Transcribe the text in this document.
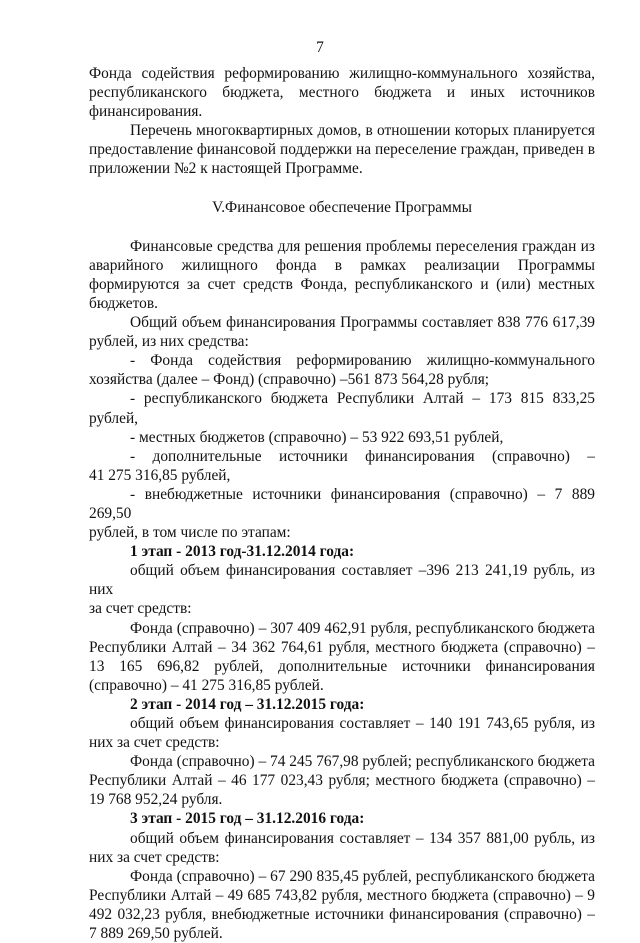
7

Фонда содействия реформированию жилищно-коммунального хозяйства,

республиканского бюджета, местного бюджета и иных источников

финансирования.

Перечень многоквартирных домов, в отношении которых планируется

предоставление финансовой поддержки на переселение граждан, приведен в

приложении №2 к настоящей Программе.

V.Финансовое обеспечение Программы

Финансовые средства для решения проблемы переселения граждан из

аварийного жилищного фонда в рамках реализации Программы

формируются за счет средств Фонда, республиканского и (или) местных

бюджетов.

Общий объем финансирования Программы составляет 838 776 617,39

рублей, из них средства:

- Фонда содействия реформированию жилищно-коммунального

хозяйства (далее – Фонд) (справочно) –561 873 564,28 рубля;

- республиканского бюджета Республики Алтай – 173 815 833,25

рублей,

- местных бюджетов (справочно) – 53 922 693,51 рублей,

- дополнительные источники финансирования (справочно) –

41 275 316,85 рублей,

- внебюджетные источники финансирования (справочно) – 7 889 269,50

рублей, в том числе по этапам:

1 этап - 2013 год-31.12.2014 года:

общий объем финансирования составляет –396 213 241,19 рубль, из них

за счет средств:

Фонда (справочно) – 307 409 462,91 рубля, республиканского бюджета

Республики Алтай – 34 362 764,61 рубля, местного бюджета (справочно) –

13 165 696,82 рублей, дополнительные источники финансирования

(справочно) – 41 275 316,85 рублей.

2 этап - 2014 год – 31.12.2015 года:

общий объем финансирования составляет – 140 191 743,65 рубля, из

них за счет средств:

Фонда (справочно) – 74 245 767,98 рублей; республиканского бюджета

Республики Алтай – 46 177 023,43 рубля; местного бюджета (справочно) –

19 768 952,24 рубля.

3 этап - 2015 год – 31.12.2016 года:

общий объем финансирования составляет – 134 357 881,00 рубль, из

них за счет средств:

Фонда (справочно) – 67 290 835,45 рублей, республиканского бюджета

Республики Алтай – 49 685 743,82 рубля, местного бюджета (справочно) – 9

492 032,23 рубля, внебюджетные источники финансирования (справочно) –

7 889 269,50 рублей.
